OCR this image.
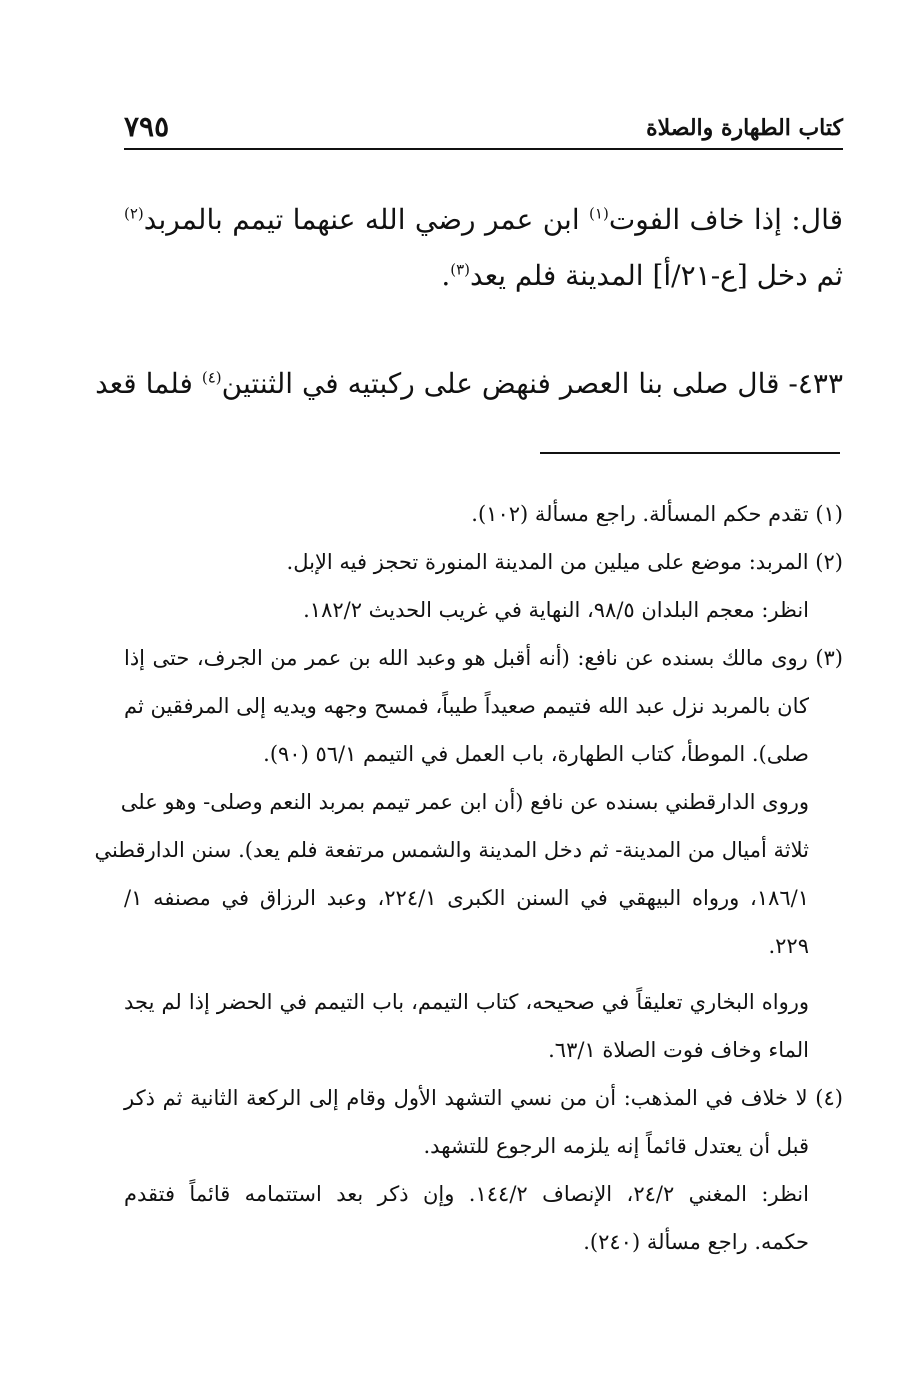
كتاب الطهارة والصلاة
٧٩٥

قال: إذا خاف الفوت$^{(١)}$ ابن عمر رضي الله عنهما تيمم بالمربد$^{(٢)}$

ثم دخل [ع-٢١/أ] المدينة فلم يعد$^{(٣)}$.

٤٣٣- قال صلى بنا العصر فنهض على ركبتيه في الثنتين$^{(٤)}$ فلما قعد

(١) تقدم حكم المسألة. راجع مسألة (١٠٢).

(٢) المربد: موضع على ميلين من المدينة المنورة تحجز فيه الإبل.

انظر: معجم البلدان ٩٨/٥، النهاية في غريب الحديث ١٨٢/٢.

(٣) روى مالك بسنده عن نافع: (أنه أقبل هو وعبد الله بن عمر من الجرف، حتى إذا

كان بالمربد نزل عبد الله فتيمم صعيداً طيباً، فمسح وجهه ويديه إلى المرفقين ثم

صلى). الموطأ، كتاب الطهارة، باب العمل في التيمم ٥٦/١ (٩٠).

وروى الدارقطني بسنده عن نافع (أن ابن عمر تيمم بمربد النعم وصلى- وهو على

ثلاثة أميال من المدينة- ثم دخل المدينة والشمس مرتفعة فلم يعد). سنن الدارقطني

١٨٦/١، ورواه البيهقي في السنن الكبرى ٢٢٤/١، وعبد الرزاق في مصنفه ١/

٢٢٩.

ورواه البخاري تعليقاً في صحيحه، كتاب التيمم، باب التيمم في الحضر إذا لم يجد

الماء وخاف فوت الصلاة ٦٣/١.

(٤) لا خلاف في المذهب: أن من نسي التشهد الأول وقام إلى الركعة الثانية ثم ذكر

قبل أن يعتدل قائماً إنه يلزمه الرجوع للتشهد.

انظر: المغني ٢٤/٢، الإنصاف ١٤٤/٢. وإن ذكر بعد استتمامه قائماً فتقدم

حكمه. راجع مسألة (٢٤٠).
